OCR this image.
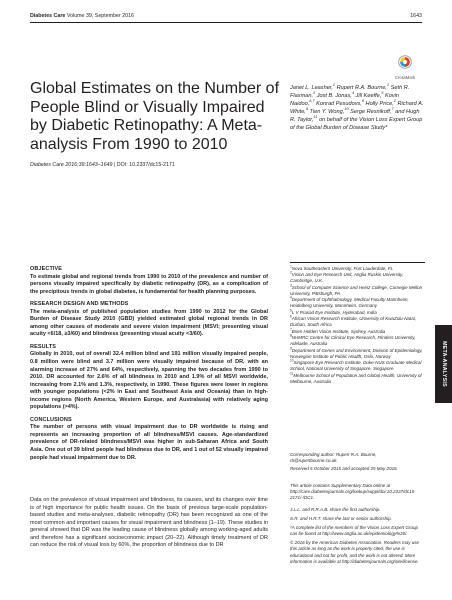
Diabetes Care Volume 39, September 2016	1643
CrossMark
Global Estimates on the Number of People Blind or Visually Impaired by Diabetic Retinopathy: A Meta-analysis From 1990 to 2010
Diabetes Care 2016;39:1643–1649 | DOI: 10.2337/dc15-2171
Janet L. Leasher,$^1$ Rupert R.A. Bourne,$^2$ Seth R. Flaxman,$^3$ Jost B. Jonas,$^4$ Jill Keeffe,$^5$ Kovin Naidoo,$^{6,7}$ Konrad Pesudovs,$^8$ Holly Price,$^2$ Richard A. White,$^9$ Tien Y. Wong,$^{10}$ Serge Resnikoff,$^7$ and Hugh R. Taylor,$^{11}$ on behalf of the Vision Loss Expert Group of the Global Burden of Disease Study*

OBJECTIVE

To estimate global and regional trends from 1990 to 2010 of the prevalence and number of persons visually impaired specifically by diabetic retinopathy (DR), as a complication of the precipitous trends in global diabetes, is fundamental for health planning purposes.

RESEARCH DESIGN AND METHODS

The meta-analysis of published population studies from 1990 to 2012 for the Global Burden of Disease Study 2010 (GBD) yielded estimated global regional trends in DR among other causes of moderate and severe vision impairment (MSVI; presenting visual acuity <6/18, ≥3/60) and blindness (presenting visual acuity <3/60).

RESULTS

Globally in 2010, out of overall 32.4 million blind and 191 million visually impaired people, 0.8 million were blind and 3.7 million were visually impaired because of DR, with an alarming increase of 27% and 64%, respectively, spanning the two decades from 1990 to 2010. DR accounted for 2.6% of all blindness in 2010 and 1.9% of all MSVI worldwide, increasing from 2.1% and 1.3%, respectively, in 1990. These figures were lower in regions with younger populations (<2% in East and Southeast Asia and Oceania) than in high-income regions (North America, Western Europe, and Australasia) with relatively aging populations (>4%).

CONCLUSIONS

The number of persons with visual impairment due to DR worldwide is rising and represents an increasing proportion of all blindness/MSVI causes. Age-standardized prevalence of DR-related blindness/MSVI was higher in sub-Saharan Africa and South Asia. One out of 39 blind people had blindness due to DR, and 1 out of 52 visually impaired people had visual impairment due to DR.

Data on the prevalence of visual impairment and blindness, its causes, and its changes over time is of high importance for public health issues. On the basis of previous large-scale population-based studies and meta-analyses, diabetic retinopathy (DR) has been recognized as one of the most common and important causes for visual impairment and blindness (1–19). These studies in general showed that DR was the leading cause of blindness globally among working-aged adults and therefore has a significant socioeconomic impact (20–22). Although timely treatment of DR can reduce the risk of visual loss by 60%, the proportion of blindness due to DR
$^1$Nova Southeastern University, Fort Lauderdale, FL
$^2$Vision and Eye Research Unit, Anglia Ruskin University, Cambridge, U.K.
$^3$School of Computer Science and Heinz College, Carnegie Mellon University, Pittsburgh, PA
$^4$Department of Ophthalmology, Medical Faculty Mannheim, Heidelberg University, Mannheim, Germany
$^5$L V Prasad Eye Institute, Hyderabad, India
$^6$African Vision Research Institute, University of KwaZulu-Natal, Durban, South Africa
$^7$Brien Holden Vision Institute, Sydney, Australia
$^8$NHMRC Centre for Clinical Eye Research, Flinders University, Adelaide, Australia
$^9$Department of Genes and Environment, Division of Epidemiology, Norwegian Institute of Public Health, Oslo, Norway
$^{10}$Singapore Eye Research Institute, Duke-NUS Graduate Medical School, National University of Singapore, Singapore
$^{11}$Melbourne School of Population and Global Health, University of Melbourne, Australia
Corresponding author: Rupert R.A. Bourne, rb@rupertbourne.co.uk.
Received 5 October 2015 and accepted 25 May 2016.
This article contains Supplementary Data online at http://care.diabetesjournals.org/lookup/suppl/doi:10.2337/dc15-2171/-/DC1.
J.L.L. and R.R.A.B. share the first authorship.
S.R. and H.R.T. share the last or senior authorship.
*A complete list of the members of the Vision Loss Expert Group can be found at http://www.anglia.ac.uk/epidemiology%20/.
© 2016 by the American Diabetes Association. Readers may use this article as long as the work is properly cited, the use is educational and not for profit, and the work is not altered. More information is available at http://diabetesjournals.org/site/license.
META-ANALYSIS
